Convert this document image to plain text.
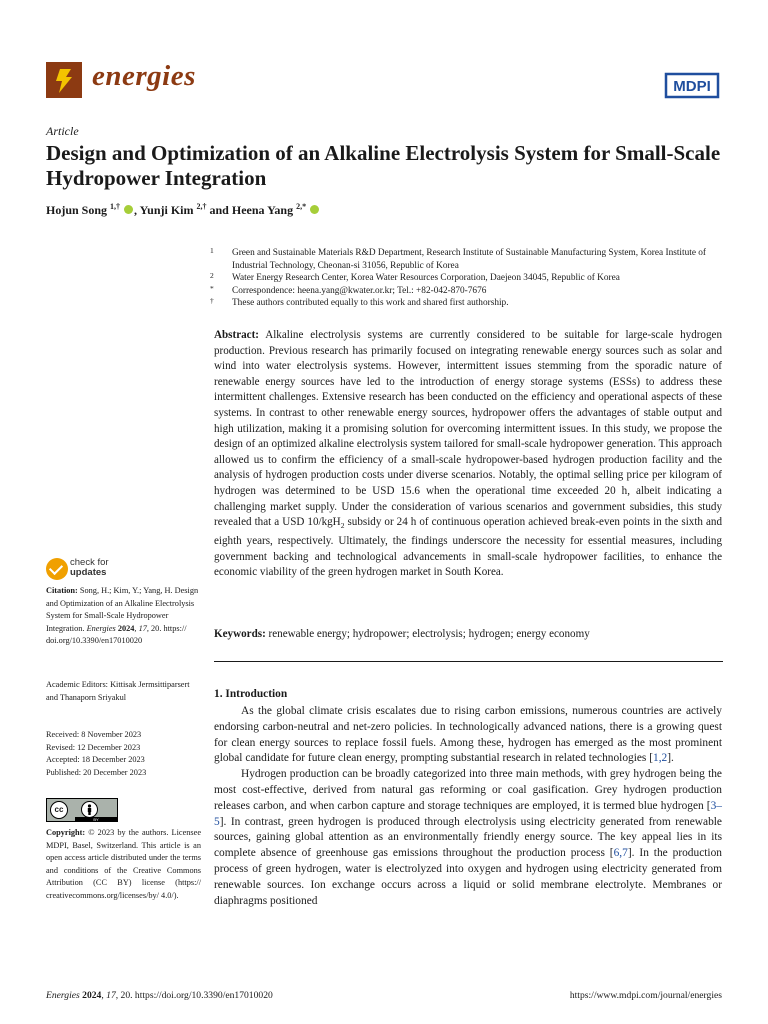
energies	MDPI
Article
Design and Optimization of an Alkaline Electrolysis System for Small-Scale Hydropower Integration
Hojun Song $^{1,\dagger}$ , Yunji Kim $^{2,\dagger}$ and Heena Yang $^{2,*}$
1	Green and Sustainable Materials R&D Department, Research Institute of Sustainable Manufacturing System, Korea Institute of Industrial Technology, Cheonan-si 31056, Republic of Korea
2	Water Energy Research Center, Korea Water Resources Corporation, Daejeon 34045, Republic of Korea
*	Correspondence: heena.yang@kwater.or.kr; Tel.: +82-042-870-7676
†	These authors contributed equally to this work and shared first authorship.
Abstract: Alkaline electrolysis systems are currently considered to be suitable for large-scale hydrogen production. Previous research has primarily focused on integrating renewable energy sources such as solar and wind into water electrolysis systems. However, intermittent issues stemming from the sporadic nature of renewable energy sources have led to the introduction of energy storage systems (ESSs) to address these intermittent challenges. Extensive research has been conducted on the efficiency and operational aspects of these systems. In contrast to other renewable energy sources, hydropower offers the advantages of stable output and high utilization, making it a promising solution for overcoming intermittent issues. In this study, we propose the design of an optimized alkaline electrolysis system tailored for small-scale hydropower generation. This approach allowed us to confirm the efficiency of a small-scale hydropower-based hydrogen production facility and the analysis of hydrogen production costs under diverse scenarios. Notably, the optimal selling price per kilogram of hydrogen was determined to be USD 15.6 when the operational time exceeded 20 h, albeit indicating a challenging market supply. Under the consideration of various scenarios and government subsidies, this study revealed that a USD 10/kgH$_2$ subsidy or 24 h of continuous operation achieved break-even points in the sixth and eighth years, respectively. Ultimately, the findings underscore the necessity for essential measures, including government backing and technological advancements in small-scale hydropower facilities, to enhance the economic viability of the green hydrogen market in South Korea.
Keywords: renewable energy; hydropower; electrolysis; hydrogen; energy economy
check for
updates
Citation: Song, H.; Kim, Y.; Yang, H. Design and Optimization of an Alkaline Electrolysis System for Small-Scale Hydropower Integration. Energies 2024, 17, 20. https:// doi.org/10.3390/en17010020
Academic Editors: Kittisak Jermsittiparsert and Thanaporn Sriyakul
Received: 8 November 2023
Revised: 12 December 2023
Accepted: 18 December 2023
Published: 20 December 2023
cc
BY
Copyright: © 2023 by the authors. Licensee MDPI, Basel, Switzerland. This article is an open access article distributed under the terms and conditions of the Creative Commons Attribution (CC BY) license (https:// creativecommons.org/licenses/by/ 4.0/).
1. Introduction

As the global climate crisis escalates due to rising carbon emissions, numerous countries are actively endorsing carbon-neutral and net-zero policies. In technologically advanced nations, there is a growing quest for clean energy sources to replace fossil fuels. Among these, hydrogen has emerged as the most prominent global candidate for future clean energy, prompting substantial research in related technologies [1,2].

Hydrogen production can be broadly categorized into three main methods, with grey hydrogen being the most cost-effective, derived from natural gas reforming or coal gasification. Grey hydrogen production releases carbon, and when carbon capture and storage techniques are employed, it is termed blue hydrogen [3–5]. In contrast, green hydrogen is produced through electrolysis using electricity generated from renewable sources, gaining global attention as an environmentally friendly energy source. The key appeal lies in its complete absence of greenhouse gas emissions throughout the production process [6,7]. In the production process of green hydrogen, water is electrolyzed into oxygen and hydrogen using electricity generated from renewable sources. Ion exchange occurs across a liquid or solid membrane electrolyte. Membranes or diaphragms positioned

Energies 2024, 17, 20. https://doi.org/10.3390/en17010020	https://www.mdpi.com/journal/energies
